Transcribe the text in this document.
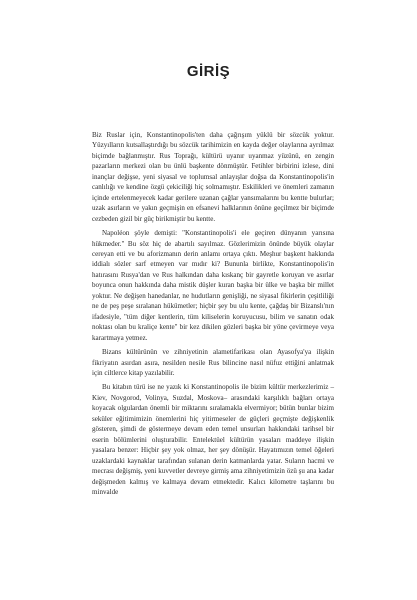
GİRİŞ

Biz Ruslar için, Konstantinopolis'ten daha çağrışım yüklü bir sözcük yoktur. Yüzyılların kutsallaştırdığı bu sözcük tarihimizin en kayda değer olaylarına ayrılmaz biçimde bağlanmıştır. Rus Toprağı, kültürü uyanır uyanmaz yüzünü, en zengin pazarların merkezi olan bu ünlü başkente dönmüştür. Fetihler birbirini izlese, dini inançlar değişse, yeni siyasal ve toplumsal anlayışlar doğsa da Konstantinopolis'in canlılığı ve kendine özgü çekiciliği hiç solmamıştır. Eskilikleri ve önemleri zamanın içinde ertelenmeyecek kadar gerilere uzanan çağlar yansımalarını bu kentte bulurlar; uzak asırların ve yakın geçmişin en efsanevi halklarının önüne geçilmez bir biçimde cezbeden gizil bir güç birikmiştir bu kentte.

Napoléon şöyle demişti: "Konstantinopolis'i ele geçiren dünyanın yarısına hükmeder." Bu söz hiç de abartılı sayılmaz. Gözlerimizin önünde büyük olaylar cereyan etti ve bu aforizmanın derin anlamı ortaya çıktı. Meşhur başkent hakkında iddialı sözler sarf etmeyen var mıdır ki? Bununla birlikte, Konstantinopolis'in hatırasını Rusya'dan ve Rus halkından daha kıskanç bir gayretle koruyan ve asırlar boyunca onun hakkında daha mistik düşler kuran başka bir ülke ve başka bir millet yoktur. Ne değişen hanedanlar, ne hudutların genişliği, ne siyasal fikirlerin çeşitliliği ne de peş peşe sıralanan hükümetler; hiçbir şey bu ulu kente, çağdaş bir Bizanslı'nın ifadesiyle, "tüm diğer kentlerin, tüm kiliselerin koruyucusu, bilim ve sanatın odak noktası olan bu kraliçe kente" bir kez dikilen gözleri başka bir yöne çevirmeye veya karartmaya yetmez.

Bizans kültürünün ve zihniyetinin alametifarikası olan Ayasofya'ya ilişkin fikriyatın asırdan asıra, nesilden nesile Rus bilincine nasıl nüfuz ettiğini anlatmak için ciltlerce kitap yazılabilir.

Bu kitabın türü ise ne yazık ki Konstantinopolis ile bizim kültür merkezlerimiz –Kiev, Novgorod, Volinya, Suzdal, Moskova– arasındaki karşılıklı bağları ortaya koyacak olgulardan önemli bir miktarını sıralamakla elvermiyor; bütün bunlar bizim seküler eğitimimizin önemlerini hiç yitirmeseler de güçleri geçmişte değişkenlik gösteren, şimdi de göstermeye devam eden temel unsurları hakkındaki tarihsel bir eserin bölümlerini oluşturabilir. Entelektüel kültürün yasaları maddeye ilişkin yasalara benzer: Hiçbir şey yok olmaz, her şey dönüşür. Hayatımızın temel öğeleri uzaklardaki kaynaklar tarafından sulanan derin katmanlarda yatar. Suların hacmi ve mecrası değişmiş, yeni kuvvetler devreye girmiş ama zihniyetimizin özü şu ana kadar değişmeden kalmış ve kalmaya devam etmektedir. Kalıcı kilometre taşlarını bu minvalde
